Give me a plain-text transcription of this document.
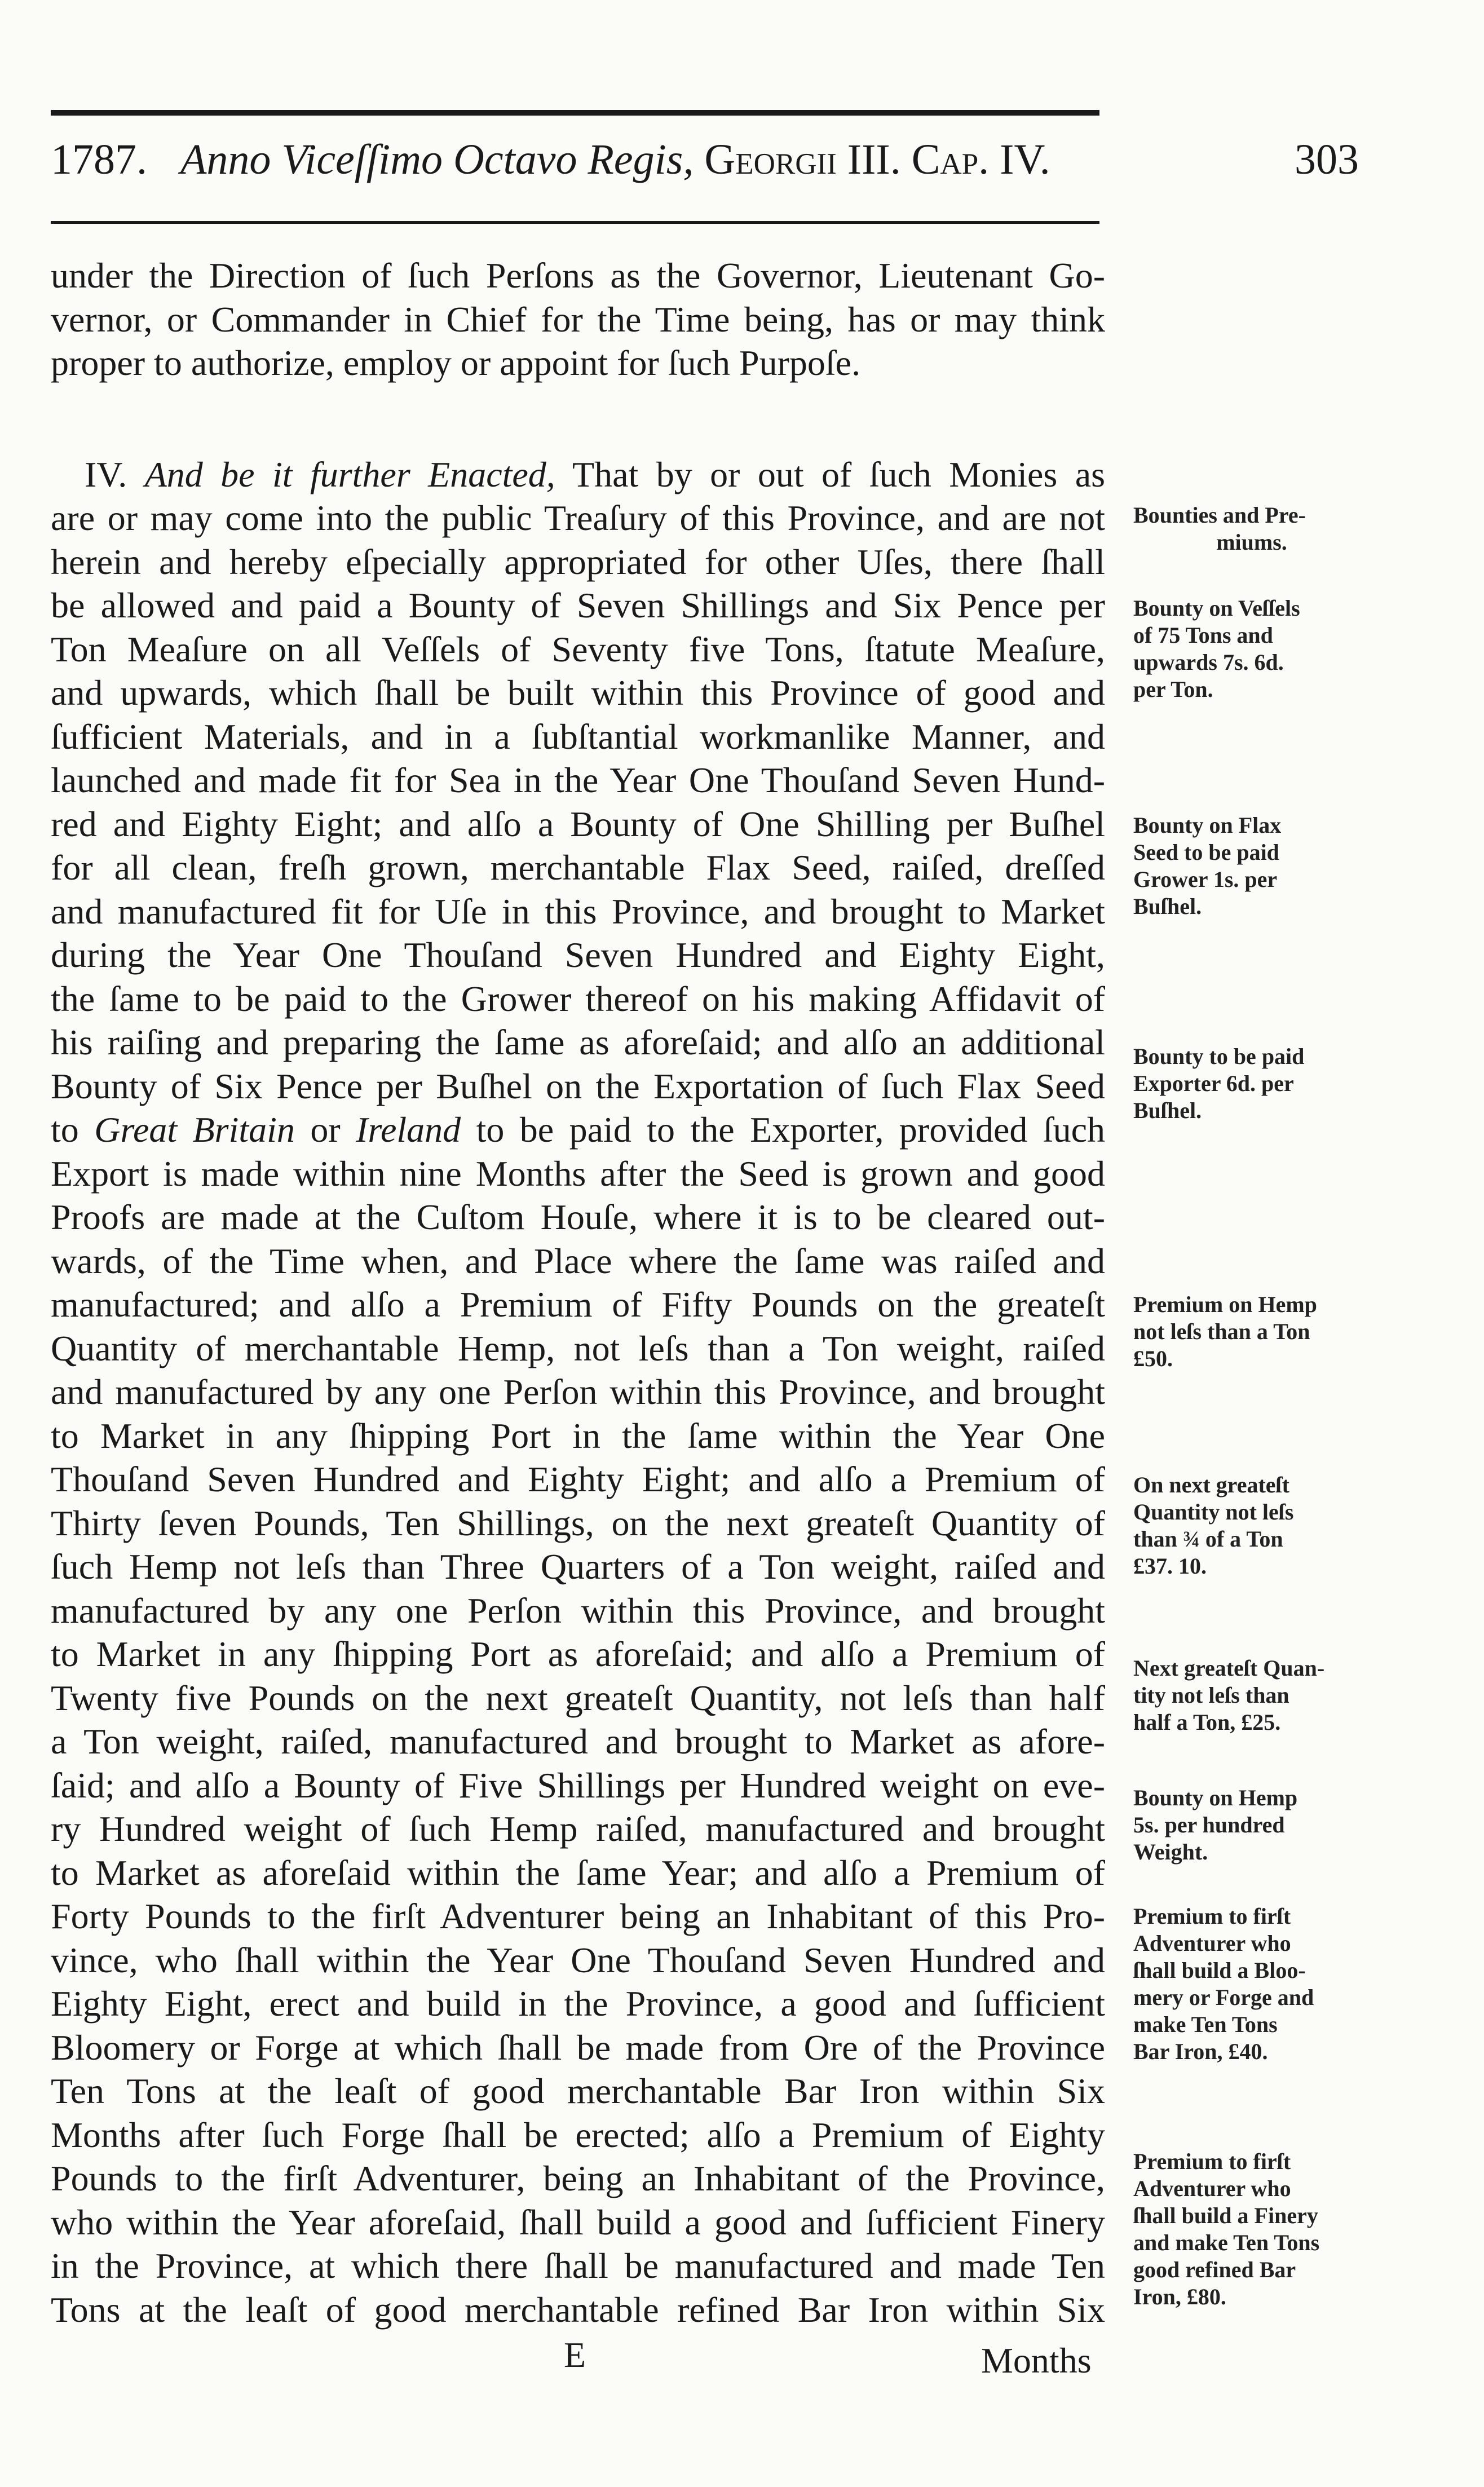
1787. Anno Viceſſimo Octavo Regis, Georgii III. Cap. IV.	303
under the Direction of ſuch Perſons as the Governor, Lieutenant Go-
vernor, or Commander in Chief for the Time being, has or may think
proper to authorize, employ or appoint for ſuch Purpoſe.
IV. And be it further Enacted, That by or out of ſuch Monies as
are or may come into the public Treaſury of this Province, and are not
herein and hereby eſpecially appropriated for other Uſes, there ſhall
be allowed and paid a Bounty of Seven Shillings and Six Pence per
Ton Meaſure on all Veſſels of Seventy five Tons, ſtatute Meaſure,
and upwards, which ſhall be built within this Province of good and
ſufficient Materials, and in a ſubſtantial workmanlike Manner, and
launched and made fit for Sea in the Year One Thouſand Seven Hund-
red and Eighty Eight; and alſo a Bounty of One Shilling per Buſhel
for all clean, freſh grown, merchantable Flax Seed, raiſed, dreſſed
and manufactured fit for Uſe in this Province, and brought to Market
during the Year One Thouſand Seven Hundred and Eighty Eight,
the ſame to be paid to the Grower thereof on his making Affidavit of
his raiſing and preparing the ſame as aforeſaid; and alſo an additional
Bounty of Six Pence per Buſhel on the Exportation of ſuch Flax Seed
to Great Britain or Ireland to be paid to the Exporter, provided ſuch
Export is made within nine Months after the Seed is grown and good
Proofs are made at the Cuſtom Houſe, where it is to be cleared out-
wards, of the Time when, and Place where the ſame was raiſed and
manufactured; and alſo a Premium of Fifty Pounds on the greateſt
Quantity of merchantable Hemp, not leſs than a Ton weight, raiſed
and manufactured by any one Perſon within this Province, and brought
to Market in any ſhipping Port in the ſame within the Year One
Thouſand Seven Hundred and Eighty Eight; and alſo a Premium of
Thirty ſeven Pounds, Ten Shillings, on the next greateſt Quantity of
ſuch Hemp not leſs than Three Quarters of a Ton weight, raiſed and
manufactured by any one Perſon within this Province, and brought
to Market in any ſhipping Port as aforeſaid; and alſo a Premium of
Twenty five Pounds on the next greateſt Quantity, not leſs than half
a Ton weight, raiſed, manufactured and brought to Market as afore-
ſaid; and alſo a Bounty of Five Shillings per Hundred weight on eve-
ry Hundred weight of ſuch Hemp raiſed, manufactured and brought
to Market as aforeſaid within the ſame Year; and alſo a Premium of
Forty Pounds to the firſt Adventurer being an Inhabitant of this Pro-
vince, who ſhall within the Year One Thouſand Seven Hundred and
Eighty Eight, erect and build in the Province, a good and ſufficient
Bloomery or Forge at which ſhall be made from Ore of the Province
Ten Tons at the leaſt of good merchantable Bar Iron within Six
Months after ſuch Forge ſhall be erected; alſo a Premium of Eighty
Pounds to the firſt Adventurer, being an Inhabitant of the Province,
who within the Year aforeſaid, ſhall build a good and ſufficient Finery
in the Province, at which there ſhall be manufactured and made Ten
Tons at the leaſt of good merchantable refined Bar Iron within Six
Bounties and Pre-
miums.
Bounty on Veſſels
of 75 Tons and
upwards 7s. 6d.
per Ton.
Bounty on Flax
Seed to be paid
Grower 1s. per
Buſhel.
Bounty to be paid
Exporter 6d. per
Buſhel.
Premium on Hemp
not leſs than a Ton
£50.
On next greateſt
Quantity not leſs
than ¾ of a Ton
£37. 10.
Next greateſt Quan-
tity not leſs than
half a Ton, £25.
Bounty on Hemp
5s. per hundred
Weight.
Premium to firſt
Adventurer who
ſhall build a Bloo-
mery or Forge and
make Ten Tons
Bar Iron, £40.
Premium to firſt
Adventurer who
ſhall build a Finery
and make Ten Tons
good refined Bar
Iron, £80.
E	Months
